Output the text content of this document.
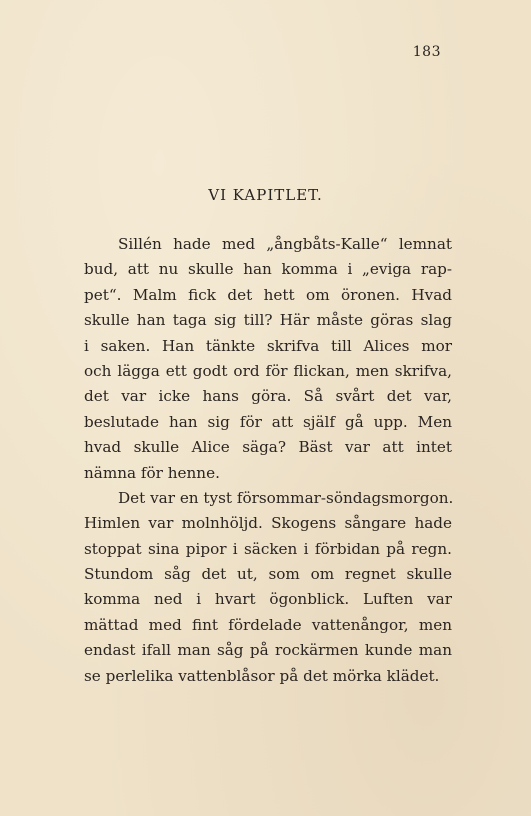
183
VI KAPITLET.
Sillén hade med „ångbåts-Kalle“ lemnat
bud, att nu skulle han komma i „eviga rap-
pet“. Malm fick det hett om öronen. Hvad
skulle han taga sig till? Här måste göras slag
i saken. Han tänkte skrifva till Alices mor
och lägga ett godt ord för flickan, men skrifva,
det var icke hans göra. Så svårt det var,
beslutade han sig för att själf gå upp. Men
hvad skulle Alice säga? Bäst var att intet
nämna för henne.
Det var en tyst försommar-söndagsmorgon.
Himlen var molnhöljd. Skogens sångare hade
stoppat sina pipor i säcken i förbidan på regn.
Stundom såg det ut, som om regnet skulle
komma ned i hvart ögonblick. Luften var
mättad med fint fördelade vattenångor, men
endast ifall man såg på rockärmen kunde man
se perlelika vattenblåsor på det mörka klädet.
